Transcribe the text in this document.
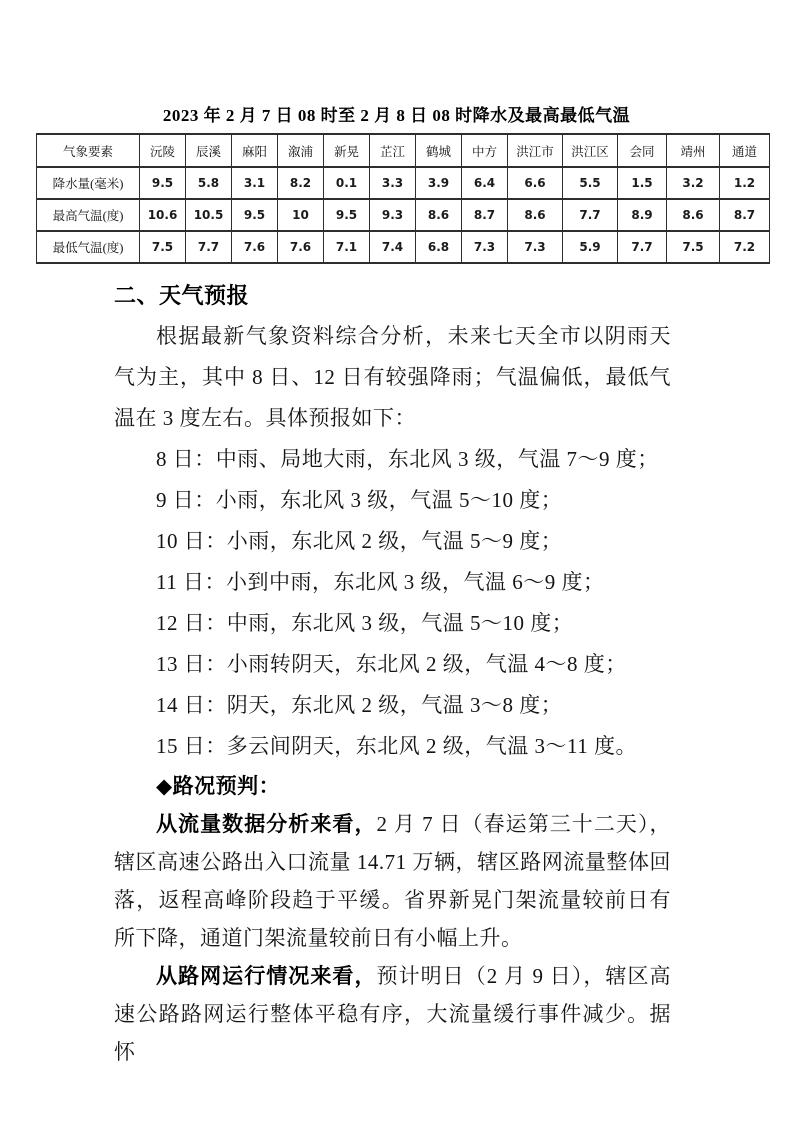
2023 年 2 月 7 日 08 时至 2 月 8 日 08 时降水及最高最低气温
气象要素	沅陵	辰溪	麻阳	溆浦	新晃	芷江	鹤城	中方	洪江市	洪江区	会同	靖州	通道
降水量(毫米)	9.5	5.8	3.1	8.2	0.1	3.3	3.9	6.4	6.6	5.5	1.5	3.2	1.2
最高气温(度)	10.6	10.5	9.5	10	9.5	9.3	8.6	8.7	8.6	7.7	8.9	8.6	8.7
最低气温(度)	7.5	7.7	7.6	7.6	7.1	7.4	6.8	7.3	7.3	5.9	7.7	7.5	7.2
二、天气预报

根据最新气象资料综合分析，未来七天全市以阴雨天气为主，其中 8 日、12 日有较强降雨；气温偏低，最低气温在 3 度左右。具体预报如下：

8 日：中雨、局地大雨，东北风 3 级，气温 7～9 度；
9 日：小雨，东北风 3 级，气温 5～10 度；
10 日：小雨，东北风 2 级，气温 5～9 度；
11 日：小到中雨，东北风 3 级，气温 6～9 度；
12 日：中雨，东北风 3 级，气温 5～10 度；
13 日：小雨转阴天，东北风 2 级，气温 4～8 度；
14 日：阴天，东北风 2 级，气温 3～8 度；
15 日：多云间阴天，东北风 2 级，气温 3～11 度。

◆路况预判：

从流量数据分析来看，2 月 7 日（春运第三十二天），辖区高速公路出入口流量 14.71 万辆，辖区路网流量整体回落，返程高峰阶段趋于平缓。省界新晃门架流量较前日有所下降，通道门架流量较前日有小幅上升。

从路网运行情况来看，预计明日（2 月 9 日），辖区高速公路路网运行整体平稳有序，大流量缓行事件减少。据怀
